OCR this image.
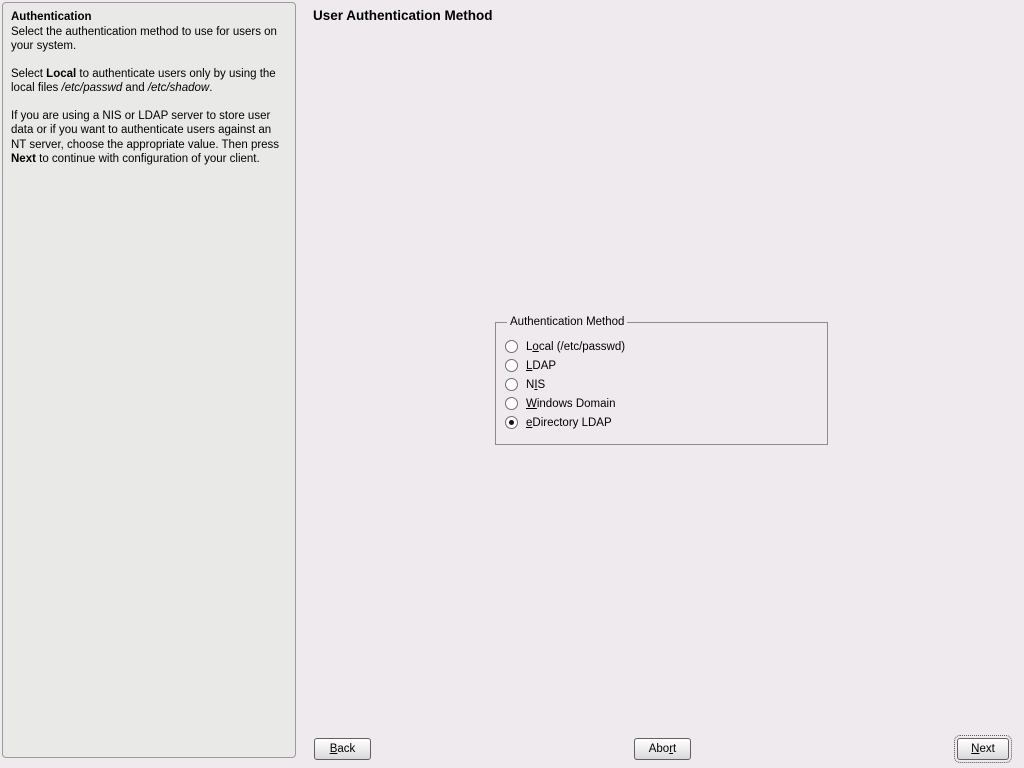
Authentication

Select the authentication method to use for users on your system.

Select Local to authenticate users only by using the local files /etc/passwd and /etc/shadow.

If you are using a NIS or LDAP server to store user data or if you want to authenticate users against an NT server, choose the appropriate value. Then press Next to continue with configuration of your client.

User Authentication Method
Authentication Method
Local (/etc/passwd)
LDAP
NIS
Windows Domain
eDirectory LDAP
Back	Abort	Next
